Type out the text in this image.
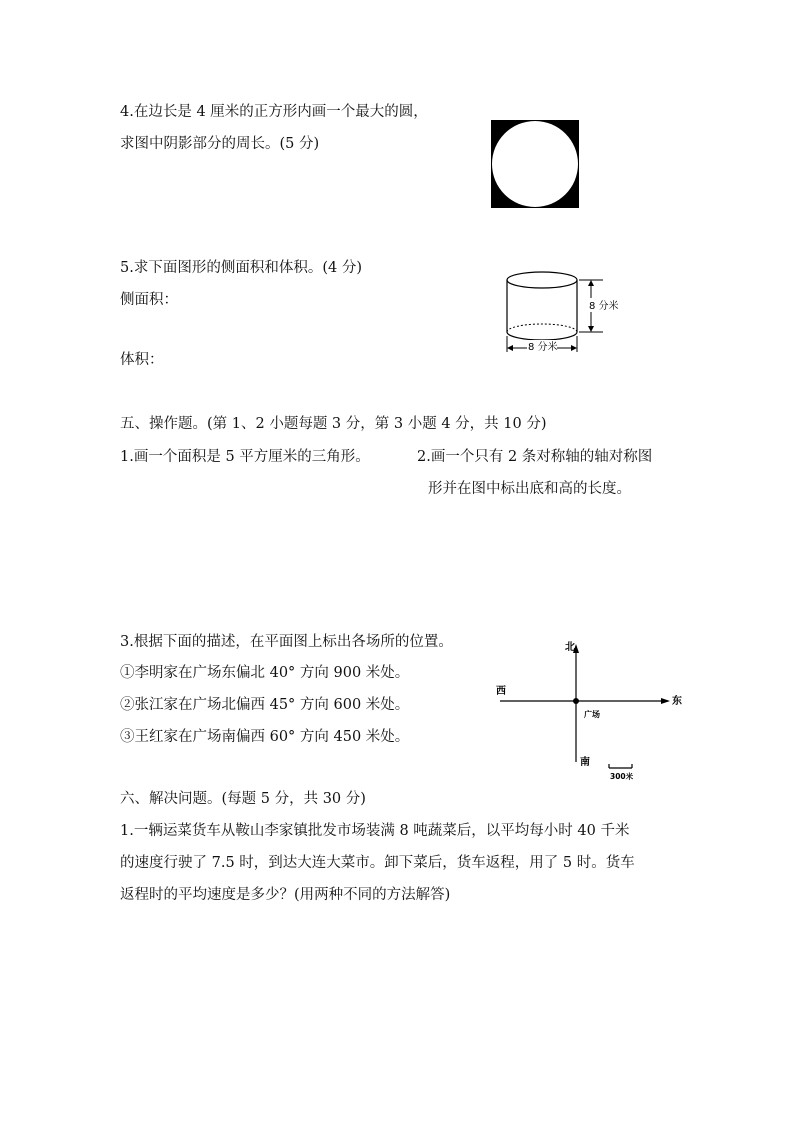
4.在边长是 4 厘米的正方形内画一个最大的圆，
求图中阴影部分的周长。(5 分)
5.求下面图形的侧面积和体积。(4 分)
侧面积：
体积：
8 分米
8 分米
五、操作题。(第 1、2 小题每题 3 分，第 3 小题 4 分，共 10 分)
1.画一个面积是 5 平方厘米的三角形。	2.画一个只有 2 条对称轴的轴对称图
形并在图中标出底和高的长度。
3.根据下面的描述，在平面图上标出各场所的位置。
①李明家在广场东偏北 40° 方向 900 米处。
②张江家在广场北偏西 45° 方向 600 米处。
③王红家在广场南偏西 60° 方向 450 米处。
北
南
东
西
广场
300米
六、解决问题。(每题 5 分，共 30 分)
1.一辆运菜货车从鞍山李家镇批发市场装满 8 吨蔬菜后，以平均每小时 40 千米
的速度行驶了 7.5 时，到达大连大菜市。卸下菜后，货车返程，用了 5 时。货车
返程时的平均速度是多少？(用两种不同的方法解答)
